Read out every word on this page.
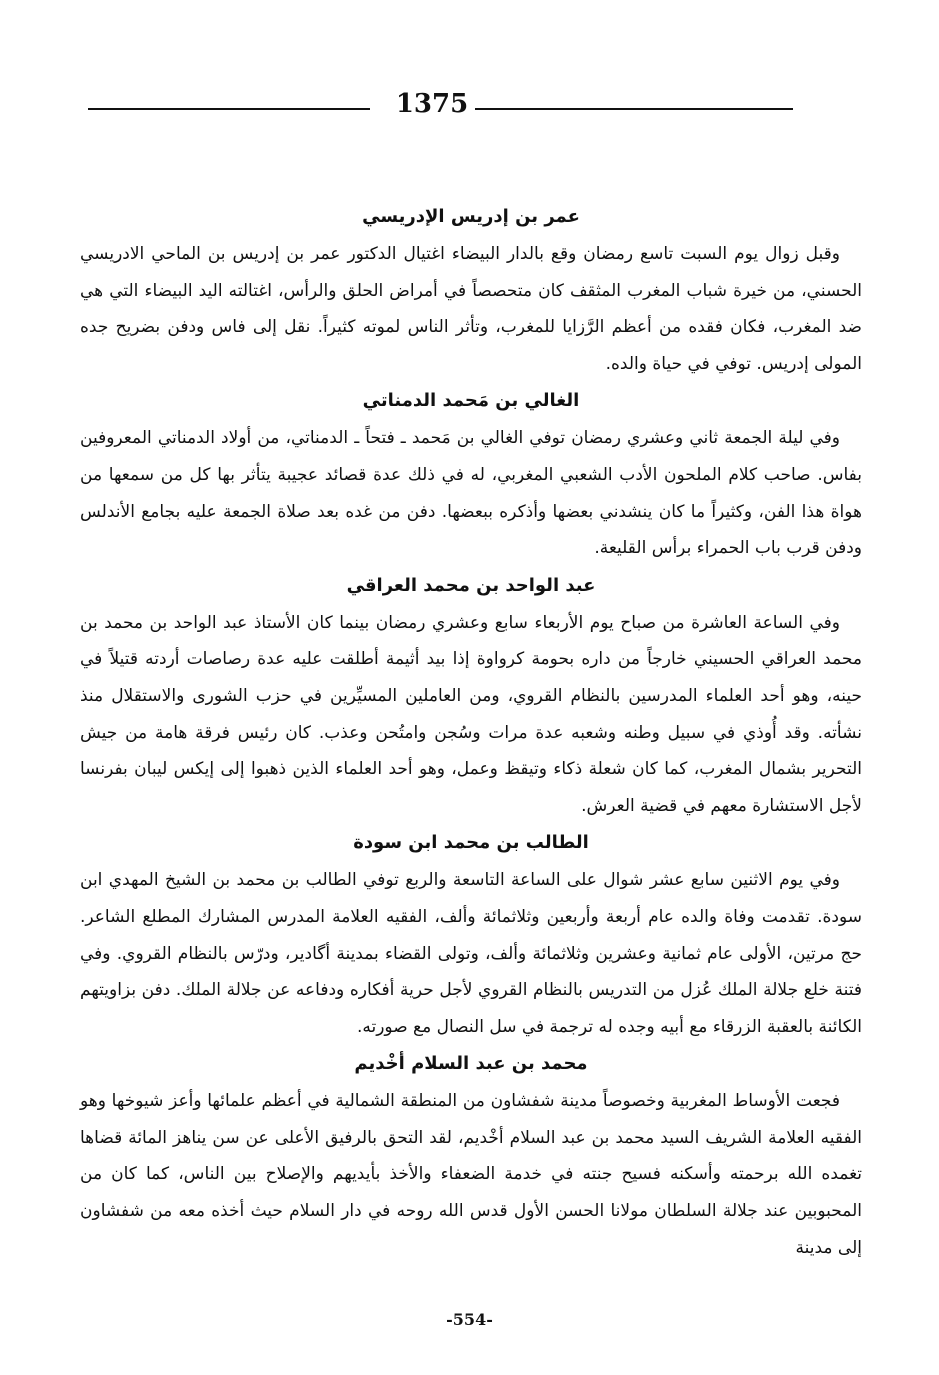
1375
عمر بن إدريس الإدريسي

وقبل زوال يوم السبت تاسع رمضان وقع بالدار البيضاء اغتيال الدكتور عمر بن إدريس بن الماحي الادريسي الحسني، من خيرة شباب المغرب المثقف كان متحصصاً في أمراض الحلق والرأس، اغتالته اليد البيضاء التي هي ضد المغرب، فكان فقده من أعظم الرَّزايا للمغرب، وتأثر الناس لموته كثيراً. نقل إلى فاس ودفن بضريح جده المولى إدريس. توفي في حياة والده.

الغالي بن مَحمد الدمناتي

وفي ليلة الجمعة ثاني وعشري رمضان توفي الغالي بن مَحمد ـ فتحاً ـ الدمناتي، من أولاد الدمناتي المعروفين بفاس. صاحب كلام الملحون الأدب الشعبي المغربي، له في ذلك عدة قصائد عجيبة يتأثر بها كل من سمعها من هواة هذا الفن، وكثيراً ما كان ينشدني بعضها وأذكره ببعضها. دفن من غده بعد صلاة الجمعة عليه بجامع الأندلس ودفن قرب باب الحمراء برأس القليعة.

عبد الواحد بن محمد العراقي

وفي الساعة العاشرة من صباح يوم الأربعاء سابع وعشري رمضان بينما كان الأستاذ عبد الواحد بن محمد بن محمد العراقي الحسيني خارجاً من داره بحومة كرواوة إذا بيد أثيمة أطلقت عليه عدة رصاصات أردته قتيلاً في حينه، وهو أحد العلماء المدرسين بالنظام القروي، ومن العاملين المسيِّرين في حزب الشورى والاستقلال منذ نشأته. وقد أُوذي في سبيل وطنه وشعبه عدة مرات وسُجن وامتُحن وعذب. كان رئيس فرقة هامة من جيش التحرير بشمال المغرب، كما كان شعلة ذكاء وتيقظ وعمل، وهو أحد العلماء الذين ذهبوا إلى إيكس ليبان بفرنسا لأجل الاستشارة معهم في قضية العرش.

الطالب بن محمد ابن سودة

وفي يوم الاثنين سابع عشر شوال على الساعة التاسعة والربع توفي الطالب بن محمد بن الشيخ المهدي ابن سودة. تقدمت وفاة والده عام أربعة وأربعين وثلاثمائة وألف، الفقيه العلامة المدرس المشارك المطلع الشاعر. حج مرتين، الأولى عام ثمانية وعشرين وثلاثمائة وألف، وتولى القضاء بمدينة أگادير، ودرّس بالنظام القروي. وفي فتنة خلع جلالة الملك عُزل من التدريس بالنظام القروي لأجل حرية أفكاره ودفاعه عن جلالة الملك. دفن بزاويتهم الكائنة بالعقبة الزرقاء مع أبيه وجده له ترجمة في سل النصال مع صورته.

محمد بن عبد السلام أخْديم

فجعت الأوساط المغربية وخصوصاً مدينة شفشاون من المنطقة الشمالية في أعظم علمائها وأعز شيوخها وهو الفقيه العلامة الشريف السيد محمد بن عبد السلام أخْديم، لقد التحق بالرفيق الأعلى عن سن يناهز المائة قضاها تغمده الله برحمته وأسكنه فسيح جنته في خدمة الضعفاء والأخذ بأيديهم والإصلاح بين الناس، كما كان من المحبوبين عند جلالة السلطان مولانا الحسن الأول قدس الله روحه في دار السلام حيث أخذه معه من شفشاون إلى مدينة

-554-
